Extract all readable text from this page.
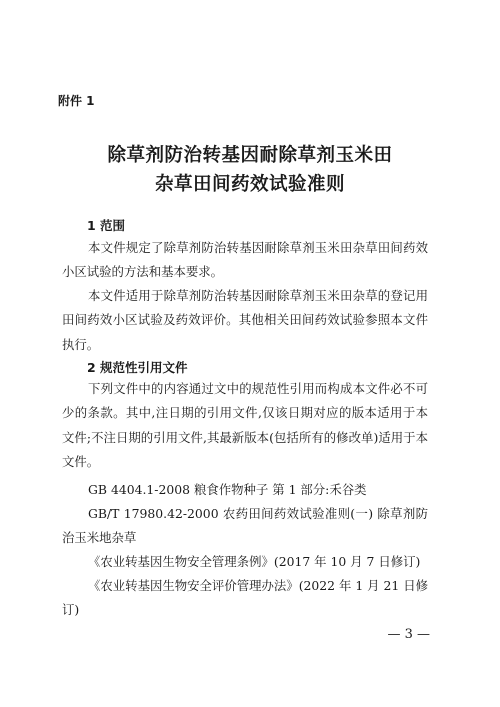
附件 1
除草剂防治转基因耐除草剂玉米田
杂草田间药效试验准则
1 范围

本文件规定了除草剂防治转基因耐除草剂玉米田杂草田间药效小区试验的方法和基本要求。

本文件适用于除草剂防治转基因耐除草剂玉米田杂草的登记用田间药效小区试验及药效评价。其他相关田间药效试验参照本文件执行。

2 规范性引用文件

下列文件中的内容通过文中的规范性引用而构成本文件必不可少的条款。其中,注日期的引用文件,仅该日期对应的版本适用于本文件;不注日期的引用文件,其最新版本(包括所有的修改单)适用于本文件。

GB 4404.1-2008 粮食作物种子 第 1 部分:禾谷类

GB/T 17980.42-2000 农药田间药效试验准则(一) 除草剂防治玉米地杂草

《农业转基因生物安全管理条例》(2017 年 10 月 7 日修订)

《农业转基因生物安全评价管理办法》(2022 年 1 月 21 日修订)

— 3 —
